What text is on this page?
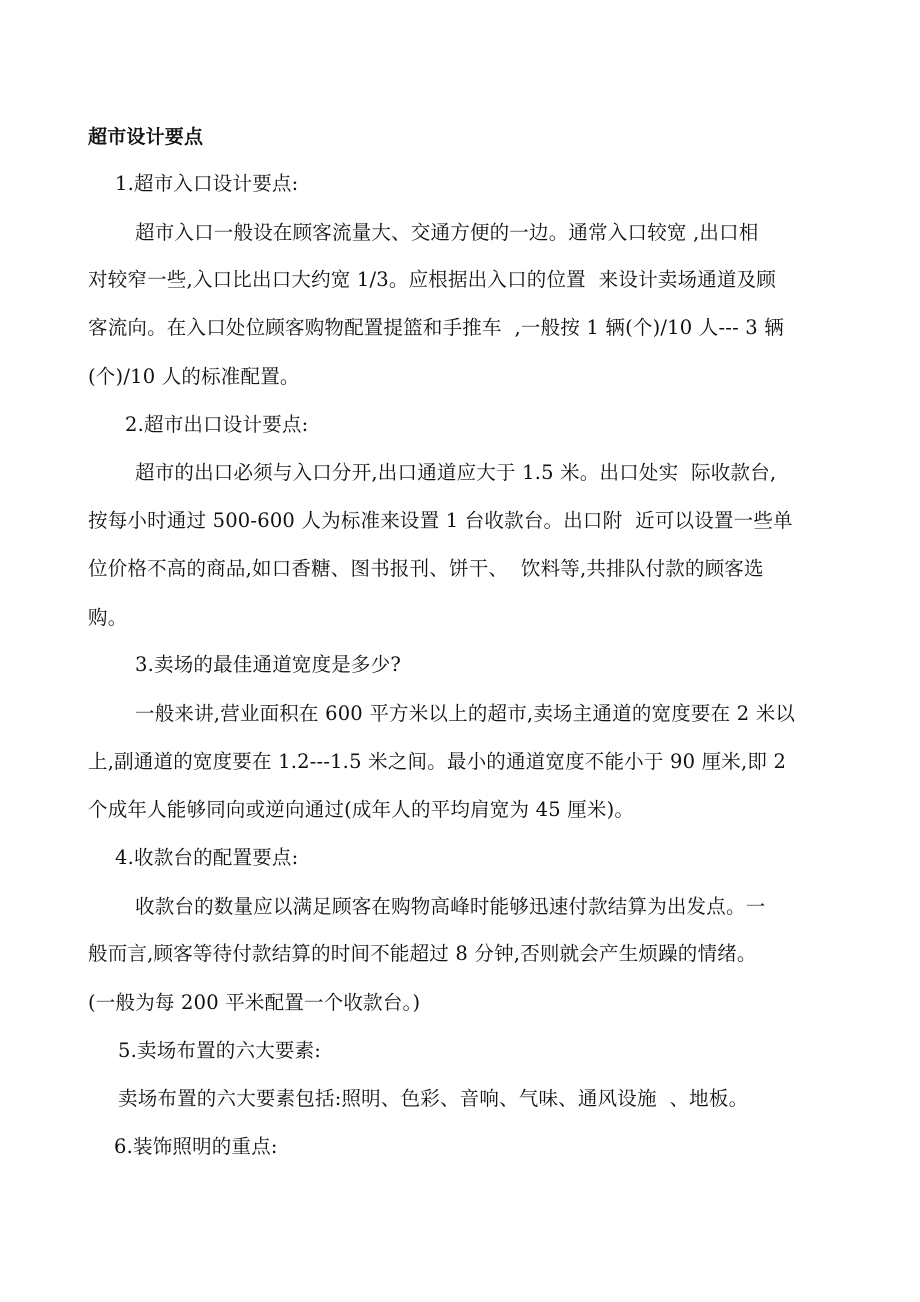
超市设计要点
1.超市入口设计要点:
超市入口一般设在顾客流量大、交通方便的一边。通常入口较宽 ,出口相
对较窄一些,入口比出口大约宽 1/3。应根据出入口的位置  来设计卖场通道及顾
客流向。在入口处位顾客购物配置提篮和手推车  ,一般按 1 辆(个)/10 人--- 3 辆
(个)/10 人的标准配置。
2.超市出口设计要点:
超市的出口必须与入口分开,出口通道应大于 1.5 米。出口处实  际收款台,
按每小时通过 500-600 人为标准来设置 1 台收款台。出口附  近可以设置一些单
位价格不高的商品,如口香糖、图书报刊、饼干、  饮料等,共排队付款的顾客选
购。
3.卖场的最佳通道宽度是多少?
一般来讲,营业面积在 600 平方米以上的超市,卖场主通道的宽度要在 2 米以
上,副通道的宽度要在 1.2---1.5 米之间。最小的通道宽度不能小于 90 厘米,即 2
个成年人能够同向或逆向通过(成年人的平均肩宽为 45 厘米)。
4.收款台的配置要点:
收款台的数量应以满足顾客在购物高峰时能够迅速付款结算为出发点。一
般而言,顾客等待付款结算的时间不能超过 8 分钟,否则就会产生烦躁的情绪。
(一般为每 200 平米配置一个收款台。)
5.卖场布置的六大要素:
卖场布置的六大要素包括:照明、色彩、音响、气味、通风设施  、地板。
6.装饰照明的重点:
